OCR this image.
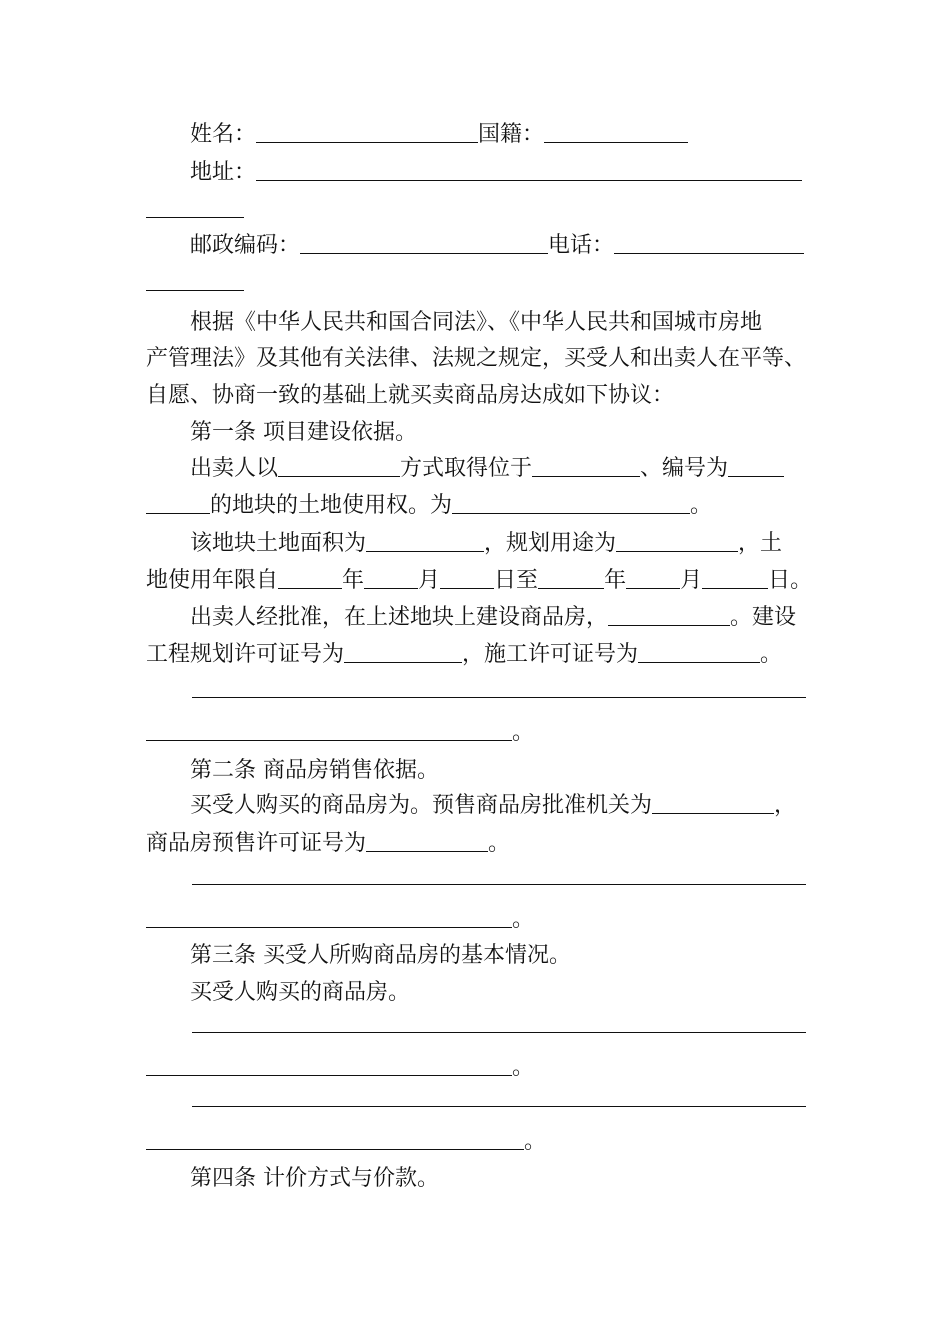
姓名：	国籍：
地址：
邮政编码：	电话：
根据《中华人民共和国合同法》、《中华人民共和国城市房地
产管理法》及其他有关法律、法规之规定，买受人和出卖人在平等、
自愿、协商一致的基础上就买卖商品房达成如下协议：
第一条 项目建设依据。
出卖人以	方式取得位于	、编号为
的地块的土地使用权。为	。
该地块土地面积为	，规划用途为	，土
地使用年限自	年 月 日至	年 月	日。
出卖人经批准，在上述地块上建设商品房，	。建设
工程规划许可证号为	，施工许可证号为	。
。
第二条 商品房销售依据。
买受人购买的商品房为。预售商品房批准机关为	，
商品房预售许可证号为	。
。
第三条 买受人所购商品房的基本情况。
买受人购买的商品房。
。
。
第四条 计价方式与价款。
